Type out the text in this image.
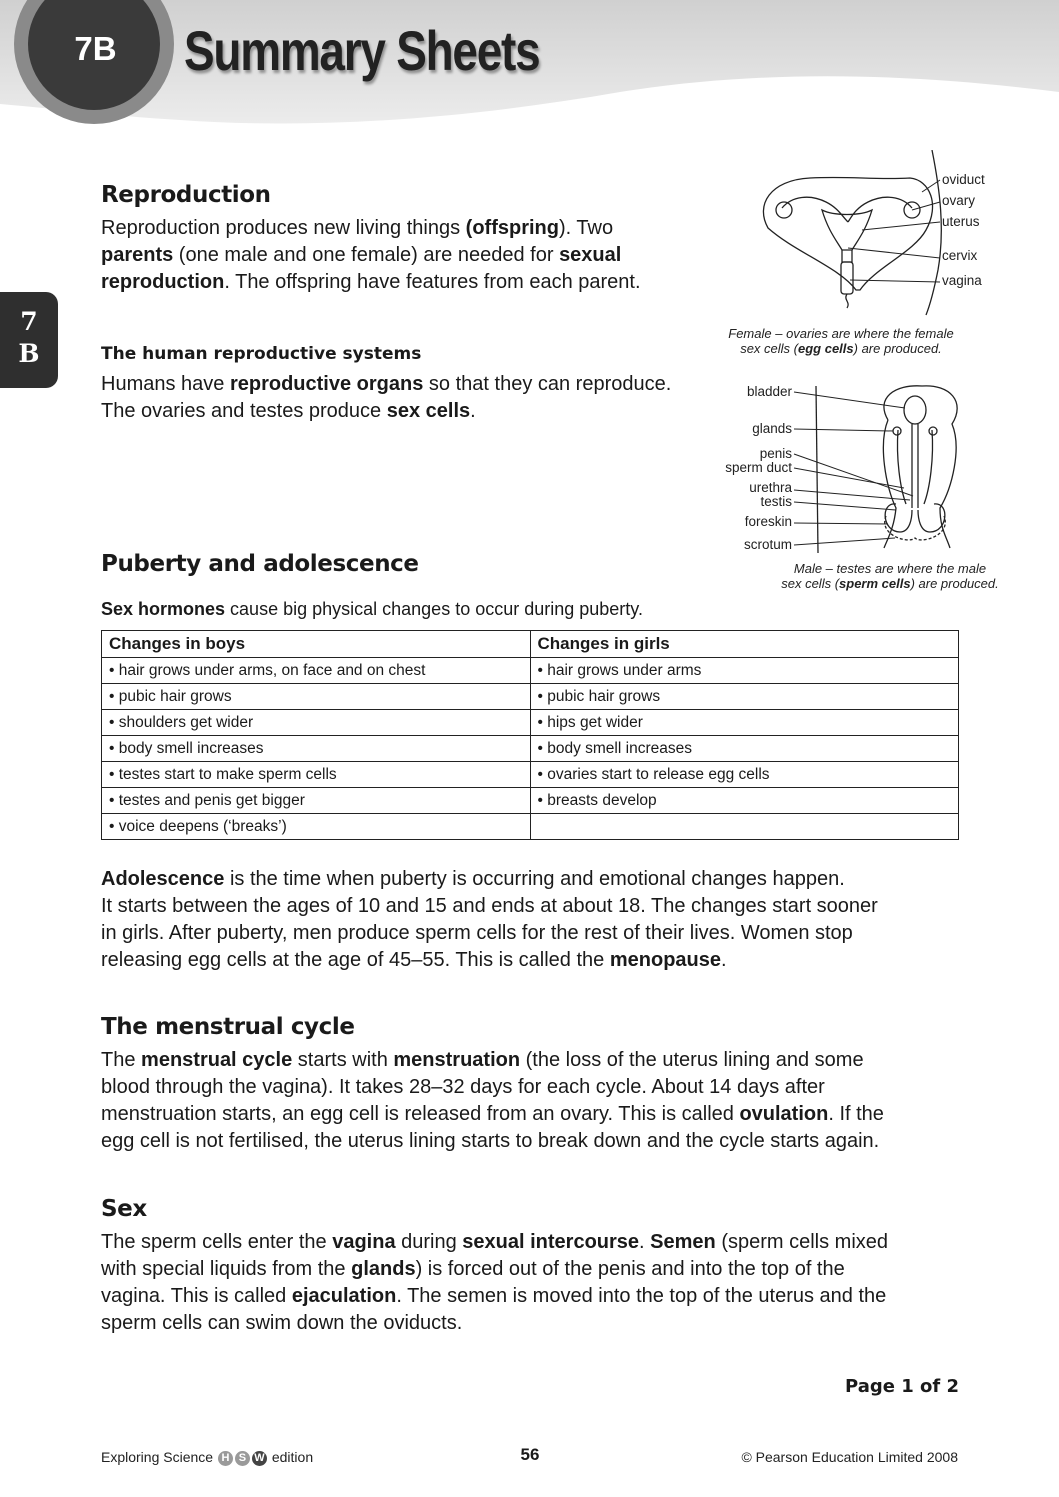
7B	Summary Sheets
7
B
Reproduction

Reproduction produces new living things (offspring). Two
parents (one male and one female) are needed for sexual
reproduction. The offspring have features from each parent.

The human reproductive systems

Humans have reproductive organs so that they can reproduce.
The ovaries and testes produce sex cells.

oviduct
ovary
uterus
cervix
vagina
Female – ovaries are where the female
sex cells (egg cells) are produced.
bladder
glands
penis
sperm duct
urethra
testis
foreskin
scrotum
Male – testes are where the male
sex cells (sperm cells) are produced.
Puberty and adolescence

Sex hormones cause big physical changes to occur during puberty.

Changes in boys	Changes in girls
• hair grows under arms, on face and on chest	• hair grows under arms
• pubic hair grows	• pubic hair grows
• shoulders get wider	• hips get wider
• body smell increases	• body smell increases
• testes start to make sperm cells	• ovaries start to release egg cells
• testes and penis get bigger	• breasts develop
• voice deepens (‘breaks’)	

Adolescence is the time when puberty is occurring and emotional changes happen.
It starts between the ages of 10 and 15 and ends at about 18. The changes start sooner
in girls. After puberty, men produce sperm cells for the rest of their lives. Women stop
releasing egg cells at the age of 45–55. This is called the menopause.

The menstrual cycle

The menstrual cycle starts with menstruation (the loss of the uterus lining and some
blood through the vagina). It takes 28–32 days for each cycle. About 14 days after
menstruation starts, an egg cell is released from an ovary. This is called ovulation. If the
egg cell is not fertilised, the uterus lining starts to break down and the cycle starts again.

Sex

The sperm cells enter the vagina during sexual intercourse. Semen (sperm cells mixed
with special liquids from the glands) is forced out of the penis and into the top of the
vagina. This is called ejaculation. The semen is moved into the top of the uterus and the
sperm cells can swim down the oviducts.

Page 1 of 2
Exploring Science H S W edition	56	© Pearson Education Limited 2008
